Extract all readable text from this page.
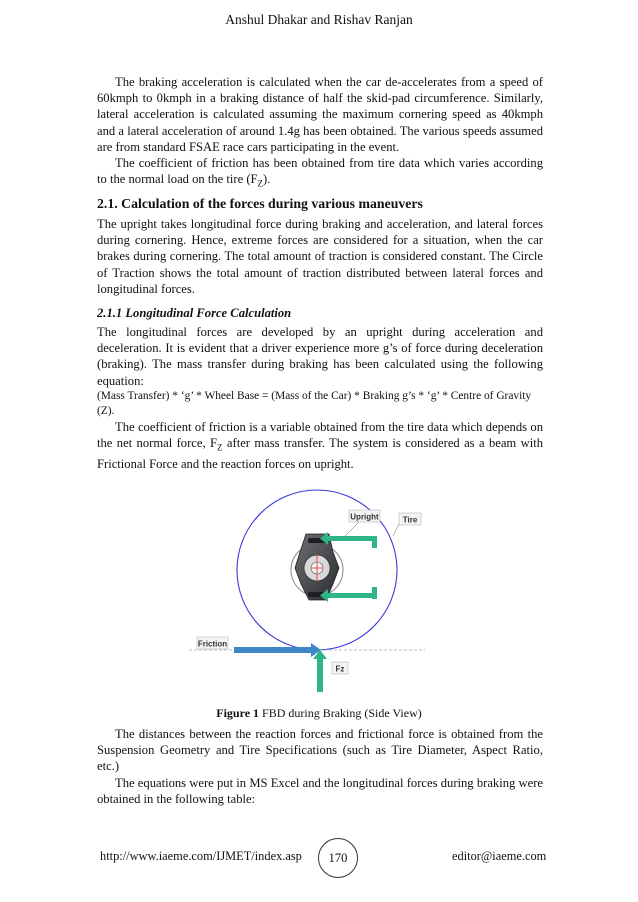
Anshul Dhakar and Rishav Ranjan

The braking acceleration is calculated when the car de-accelerates from a speed of 60kmph to 0kmph in a braking distance of half the skid-pad circumference. Similarly, lateral acceleration is calculated assuming the maximum cornering speed as 40kmph and a lateral acceleration of around 1.4g has been obtained. The various speeds assumed are from standard FSAE race cars participating in the event.

The coefficient of friction has been obtained from tire data which varies according to the normal load on the tire $(F_Z)$.

2.1. Calculation of the forces during various maneuvers

The upright takes longitudinal force during braking and acceleration, and lateral forces during cornering. Hence, extreme forces are considered for a situation, when the car brakes during cornering. The total amount of traction is considered constant. The Circle of Traction shows the total amount of traction distributed between lateral forces and longitudinal forces.

2.1.1 Longitudinal Force Calculation

The longitudinal forces are developed by an upright during acceleration and deceleration. It is evident that a driver experience more g’s of force during deceleration (braking). The mass transfer during braking has been calculated using the following equation:

(Mass Transfer) * ‘g’ * Wheel Base = (Mass of the Car) * Braking g’s * ‘g’ * Centre of Gravity (Z).

The coefficient of friction is a variable obtained from the tire data which depends on the net normal force, $F_Z$ after mass transfer. The system is considered as a beam with Frictional Force and the reaction forces on upright.

Upright	Tire
Friction
Fz
Figure 1 FBD during Braking (Side View)

The distances between the reaction forces and frictional force is obtained from the Suspension Geometry and Tire Specifications (such as Tire Diameter, Aspect Ratio, etc.)

The equations were put in MS Excel and the longitudinal forces during braking were obtained in the following table:

http://www.iaeme.com/IJMET/index.asp	editor@iaeme.com
170
